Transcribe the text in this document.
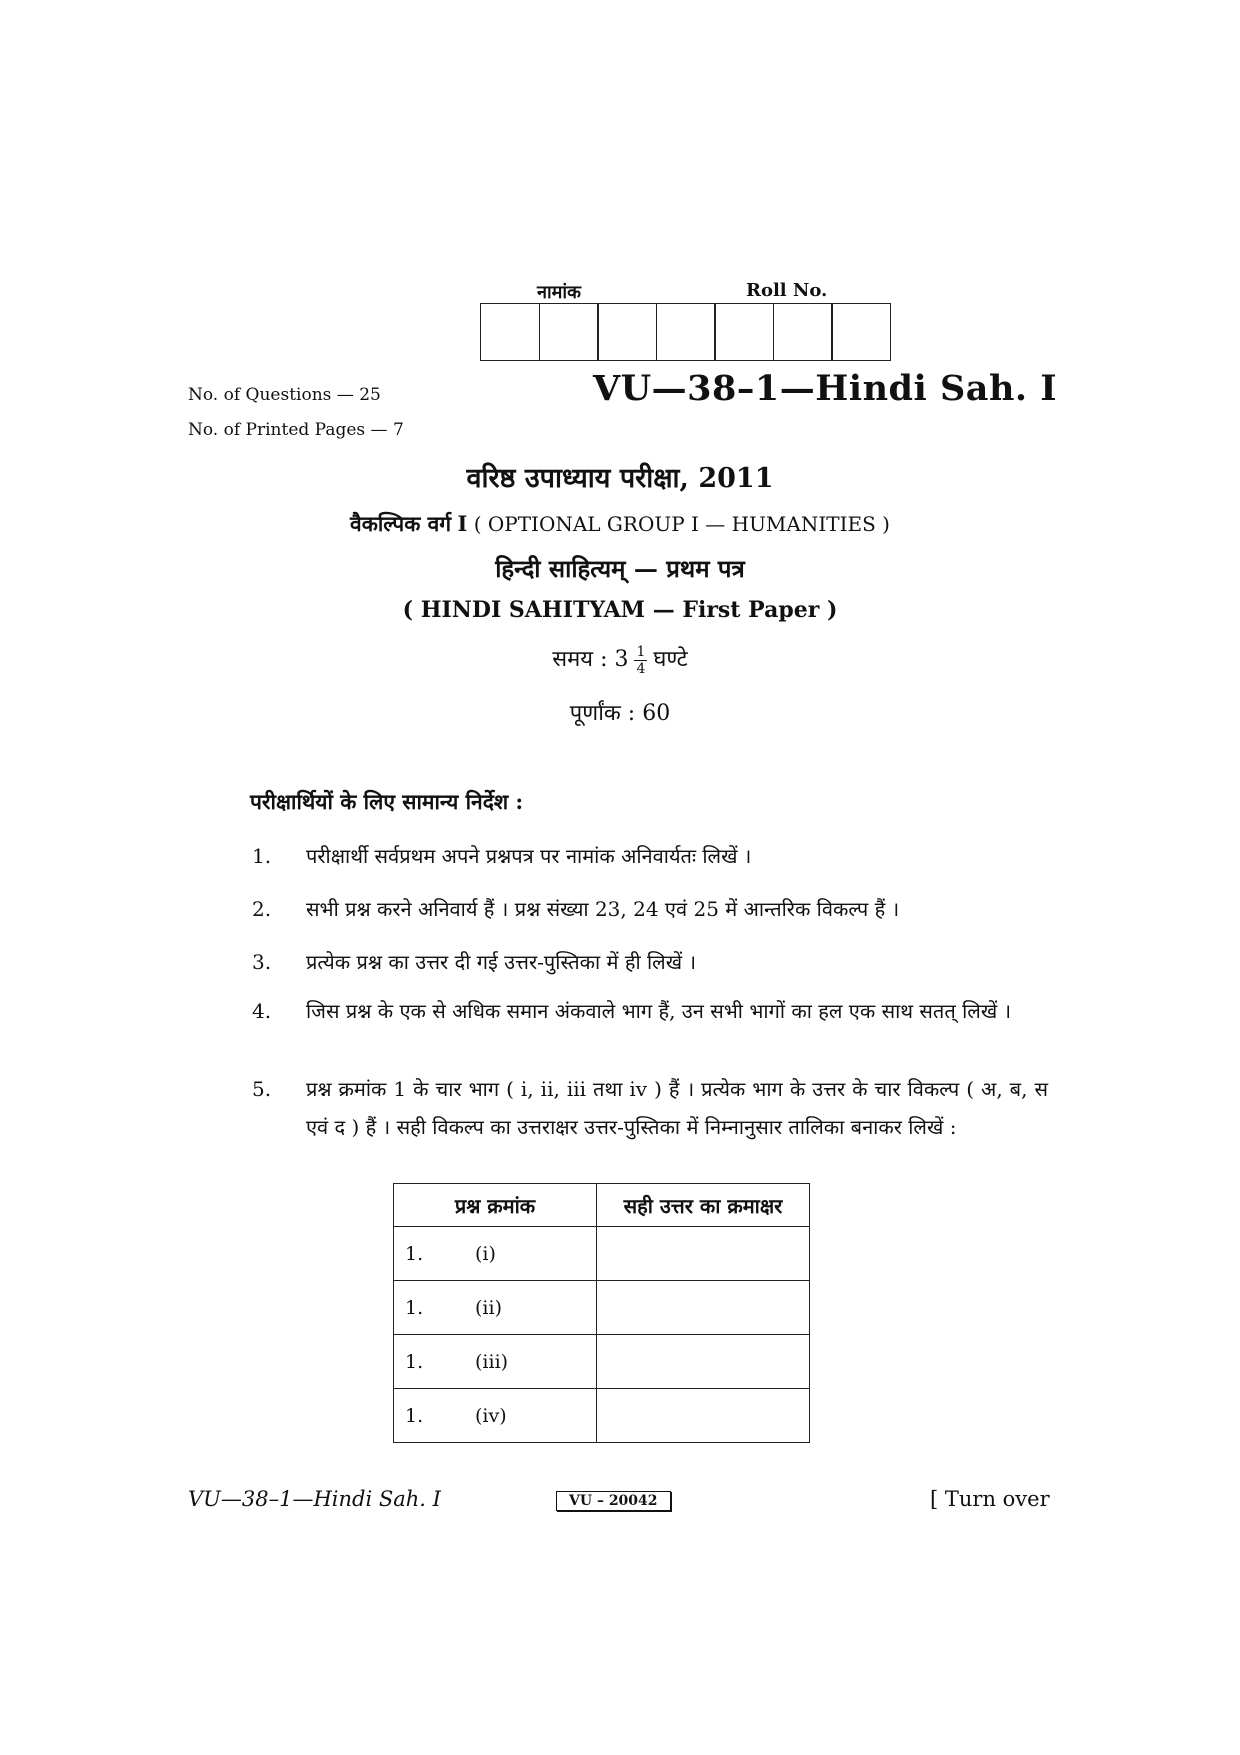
नामांक	Roll No.
No. of Questions — 25
No. of Printed Pages — 7
VU—38–1—Hindi Sah. I
वरिष्ठ उपाध्याय परीक्षा, 2011
वैकल्पिक वर्ग I ( OPTIONAL GROUP I — HUMANITIES )
हिन्दी साहित्यम् — प्रथम पत्र
( HINDI SAHITYAM — First Paper )
समय : $3 \frac{1}{4}$ घण्टे
पूर्णांक : 60
परीक्षार्थियों के लिए सामान्य निर्देश :
1. परीक्षार्थी सर्वप्रथम अपने प्रश्नपत्र पर नामांक अनिवार्यतः लिखें ।
2. सभी प्रश्न करने अनिवार्य हैं । प्रश्न संख्या 23, 24 एवं 25 में आन्तरिक विकल्प हैं ।
3. प्रत्येक प्रश्न का उत्तर दी गई उत्तर-पुस्तिका में ही लिखें ।
4. जिस प्रश्न के एक से अधिक समान अंकवाले भाग हैं, उन सभी भागों का हल एक साथ सतत् लिखें ।
5. प्रश्न क्रमांक 1 के चार भाग ( i, ii, iii तथा iv ) हैं । प्रत्येक भाग के उत्तर के चार विकल्प ( अ, ब, स एवं द ) हैं । सही विकल्प का उत्तराक्षर उत्तर-पुस्तिका में निम्नानुसार तालिका बनाकर लिखें :
प्रश्न क्रमांक	सही उत्तर का क्रमाक्षर
1. (i)	
1. (ii)	
1. (iii)	
1. (iv)	
VU—38–1—Hindi Sah. I	VU – 20042	[ Turn over
